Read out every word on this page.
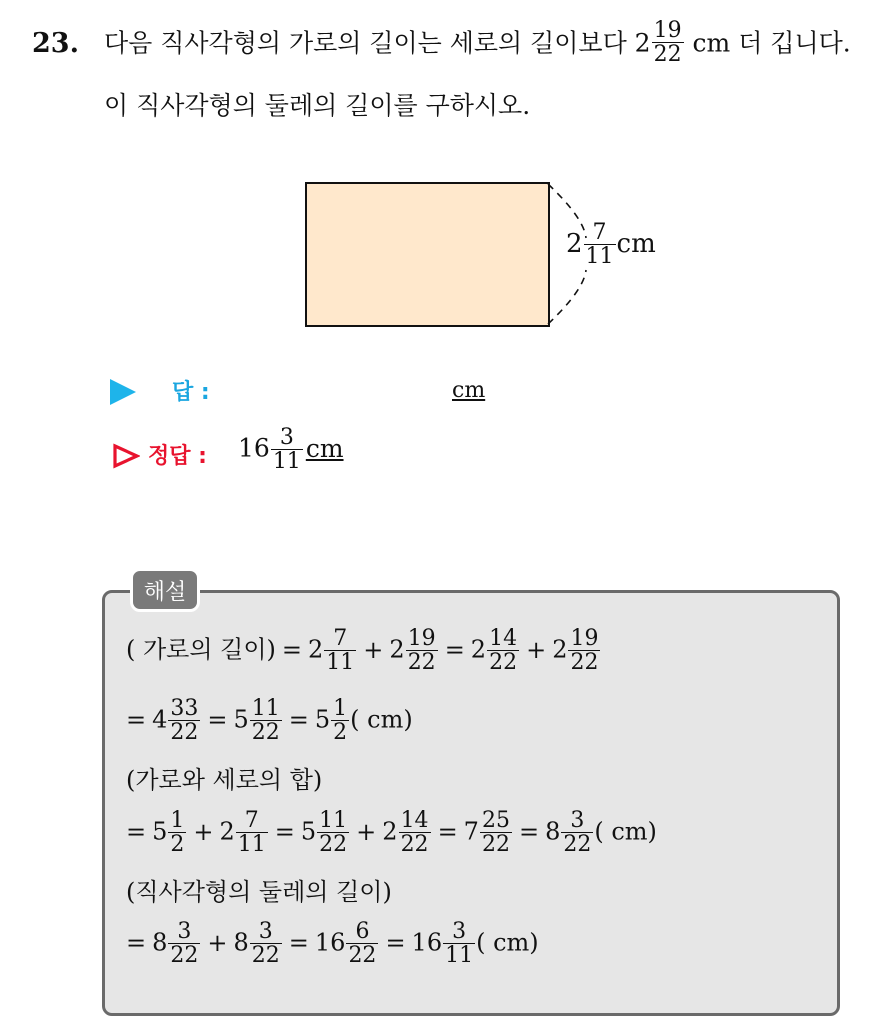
23. 다음 직사각형의 가로의 길이는 세로의 길이보다 $2 \frac{19}{22}$ cm 더 깁니다.
이 직사각형의 둘레의 길이를 구하시오.
$2 \frac{7}{11}$ cm
답 :	cm
정답 : $16 \frac{3}{11}$ cm
해설
( 가로의 길이) = $2 \frac{7}{11} + 2 \frac{19}{22} = 2 \frac{14}{22} + 2 \frac{19}{22}$
= $4 \frac{33}{22} = 5 \frac{11}{22} = 5 \frac{1}{2}$ ( cm)
(가로와 세로의 합)
= $5 \frac{1}{2} + 2 \frac{7}{11} = 5 \frac{11}{22} + 2 \frac{14}{22} = 7 \frac{25}{22} = 8 \frac{3}{22}$ ( cm)
(직사각형의 둘레의 길이)
= $8 \frac{3}{22} + 8 \frac{3}{22} = 16 \frac{6}{22} = 16 \frac{3}{11}$ ( cm)
